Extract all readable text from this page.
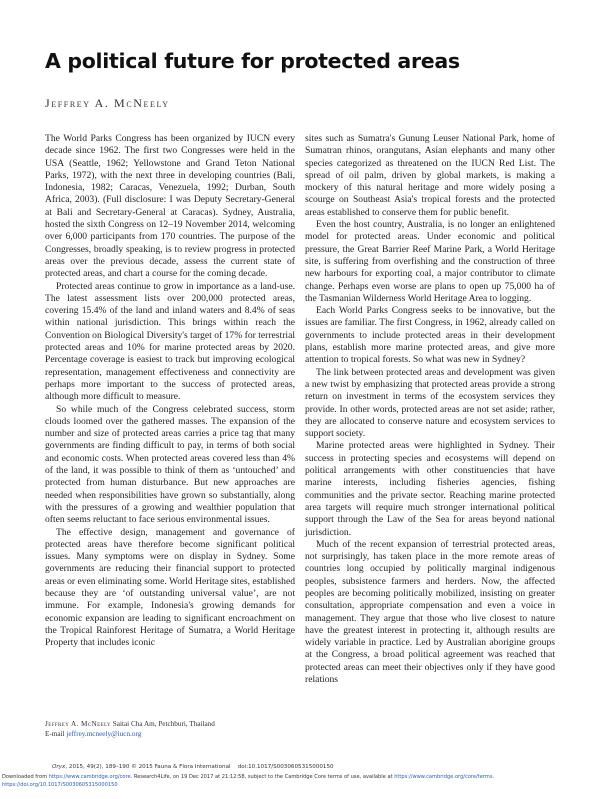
A political future for protected areas
Jeffrey A. McNeely

The World Parks Congress has been organized by IUCN every decade since 1962. The first two Congresses were held in the USA (Seattle, 1962; Yellowstone and Grand Teton National Parks, 1972), with the next three in developing countries (Bali, Indonesia, 1982; Caracas, Venezuela, 1992; Durban, South Africa, 2003). (Full disclosure: I was Deputy Secretary-General at Bali and Secretary-General at Caracas). Sydney, Australia, hosted the sixth Congress on 12–19 November 2014, welcoming over 6,000 participants from 170 countries. The purpose of the Congresses, broadly speaking, is to review progress in protected areas over the previous decade, assess the current state of protected areas, and chart a course for the coming decade.

Protected areas continue to grow in importance as a land-use. The latest assessment lists over 200,000 protected areas, covering 15.4% of the land and inland waters and 8.4% of seas within national jurisdiction. This brings within reach the Convention on Biological Diversity's target of 17% for terrestrial protected areas and 10% for marine protected areas by 2020. Percentage coverage is easiest to track but improving ecological representation, management effectiveness and connectivity are perhaps more important to the success of protected areas, although more difficult to measure.

So while much of the Congress celebrated success, storm clouds loomed over the gathered masses. The expansion of the number and size of protected areas carries a price tag that many governments are finding difficult to pay, in terms of both social and economic costs. When protected areas covered less than 4% of the land, it was possible to think of them as ‘untouched’ and protected from human disturbance. But new approaches are needed when responsibilities have grown so substantially, along with the pressures of a growing and wealthier population that often seems reluctant to face serious environmental issues.

The effective design, management and governance of protected areas have therefore become significant political issues. Many symptoms were on display in Sydney. Some governments are reducing their financial support to protected areas or even eliminating some. World Heritage sites, established because they are ‘of outstanding universal value’, are not immune. For example, Indonesia's growing demands for economic expansion are leading to significant encroachment on the Tropical Rainforest Heritage of Sumatra, a World Heritage Property that includes iconic

sites such as Sumatra's Gunung Leuser National Park, home of Sumatran rhinos, orangutans, Asian elephants and many other species categorized as threatened on the IUCN Red List. The spread of oil palm, driven by global markets, is making a mockery of this natural heritage and more widely posing a scourge on Southeast Asia's tropical forests and the protected areas established to conserve them for public benefit.

Even the host country, Australia, is no longer an enlightened model for protected areas. Under economic and political pressure, the Great Barrier Reef Marine Park, a World Heritage site, is suffering from overfishing and the construction of three new harbours for exporting coal, a major contributor to climate change. Perhaps even worse are plans to open up 75,000 ha of the Tasmanian Wilderness World Heritage Area to logging.

Each World Parks Congress seeks to be innovative, but the issues are familiar. The first Congress, in 1962, already called on governments to include protected areas in their development plans, establish more marine protected areas, and give more attention to tropical forests. So what was new in Sydney?

The link between protected areas and development was given a new twist by emphasizing that protected areas provide a strong return on investment in terms of the ecosystem services they provide. In other words, protected areas are not set aside; rather, they are allocated to conserve nature and ecosystem services to support society.

Marine protected areas were highlighted in Sydney. Their success in protecting species and ecosystems will depend on political arrangements with other constituencies that have marine interests, including fisheries agencies, fishing communities and the private sector. Reaching marine protected area targets will require much stronger international political support through the Law of the Sea for areas beyond national jurisdiction.

Much of the recent expansion of terrestrial protected areas, not surprisingly, has taken place in the more remote areas of countries long occupied by politically marginal indigenous peoples, subsistence farmers and herders. Now, the affected peoples are becoming politically mobilized, insisting on greater consultation, appropriate compensation and even a voice in management. They argue that those who live closest to nature have the greatest interest in protecting it, although results are widely variable in practice. Led by Australian aborigine groups at the Congress, a broad political agreement was reached that protected areas can meet their objectives only if they have good relations

Jeffrey A. McNeely Saitai Cha Am, Petchburi, Thailand
E-mail jeffrey.mcneely@iucn.org
Oryx, 2015, 49(2), 189–190 © 2015 Fauna & Flora International doi:10.1017/S0030605315000150
Downloaded from https://www.cambridge.org/core. Research4Life, on 19 Dec 2017 at 21:12:58, subject to the Cambridge Core terms of use, available at https://www.cambridge.org/core/terms.
https://doi.org/10.1017/S0030605315000150
